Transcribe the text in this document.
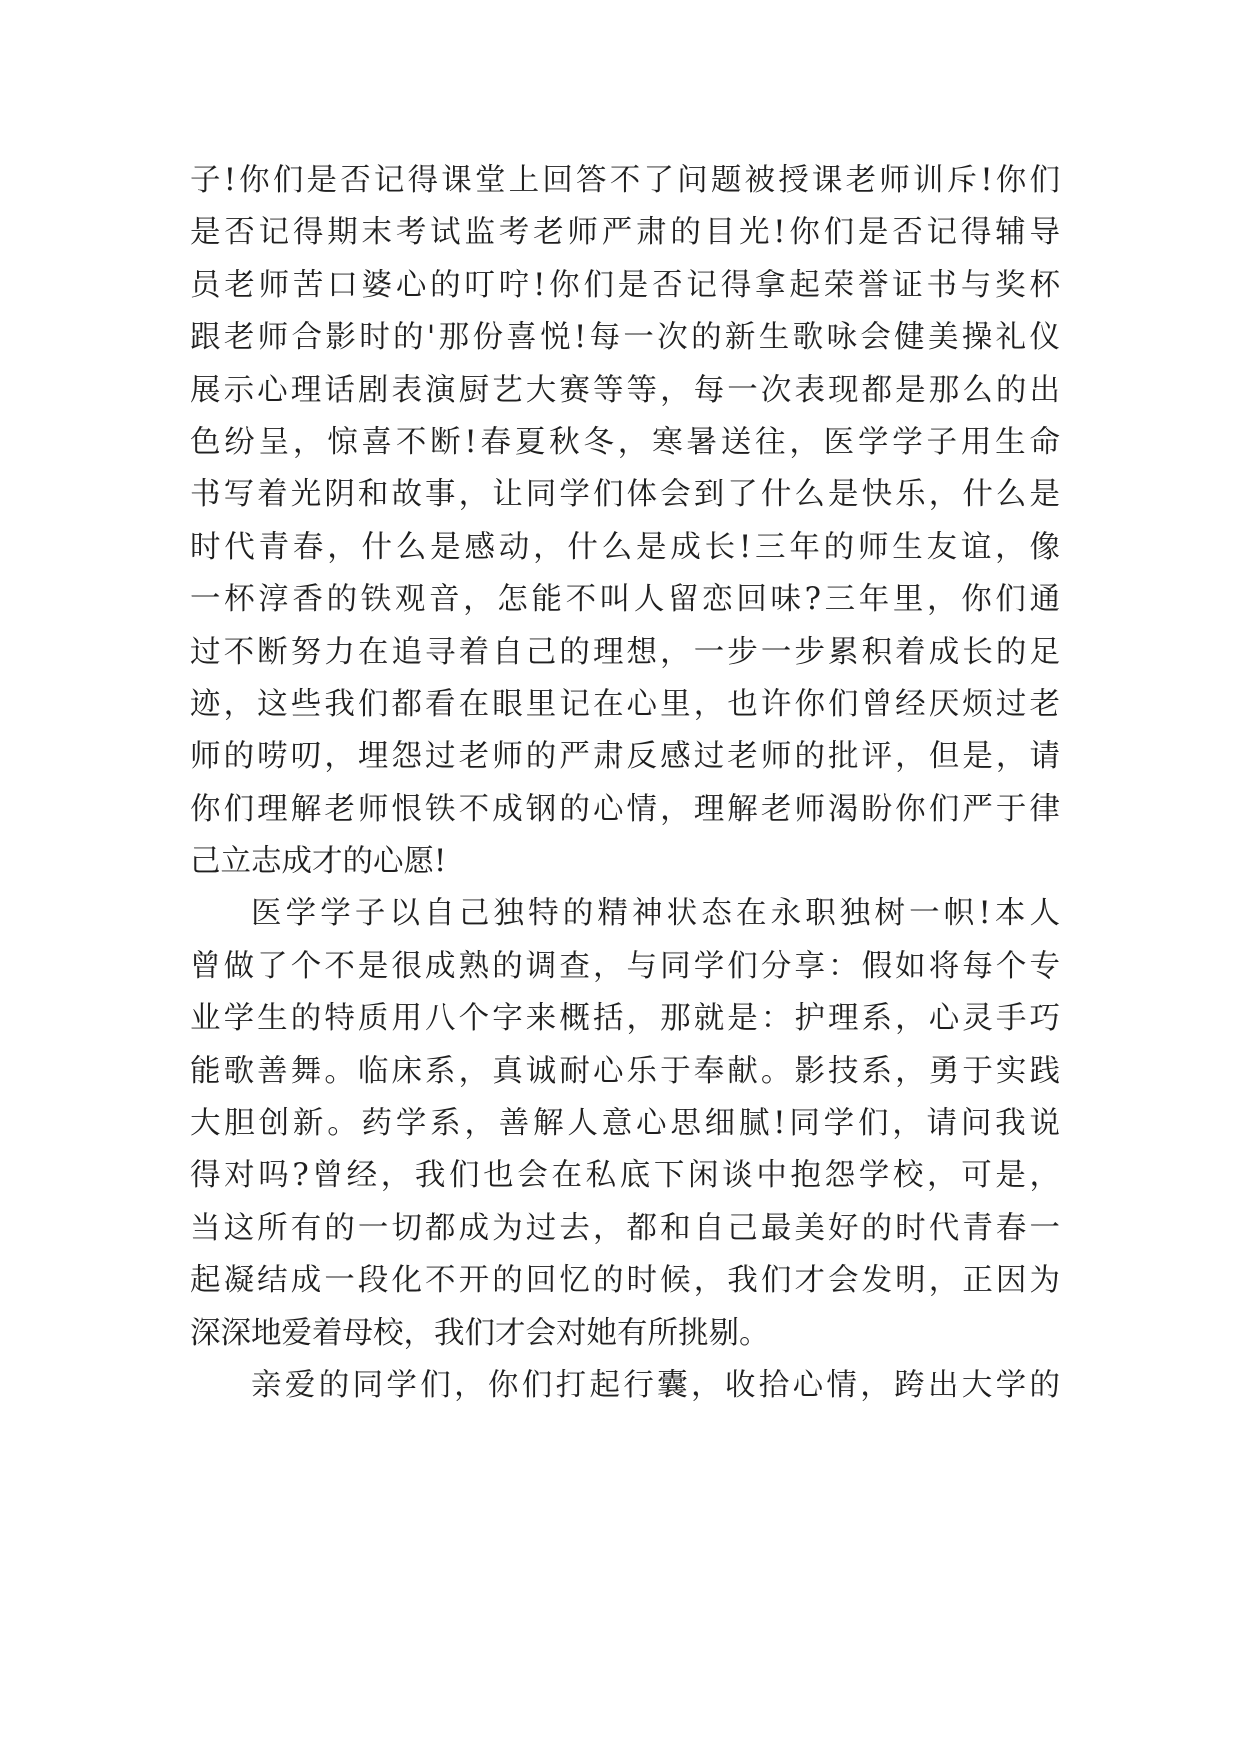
子!你们是否记得课堂上回答不了问题被授课老师训斥!你们
是否记得期末考试监考老师严肃的目光!你们是否记得辅导
员老师苦口婆心的叮咛!你们是否记得拿起荣誉证书与奖杯
跟老师合影时的'那份喜悦!每一次的新生歌咏会健美操礼仪
展示心理话剧表演厨艺大赛等等，每一次表现都是那么的出
色纷呈，惊喜不断!春夏秋冬，寒暑送往，医学学子用生命
书写着光阴和故事，让同学们体会到了什么是快乐，什么是
时代青春，什么是感动，什么是成长!三年的师生友谊，像
一杯淳香的铁观音，怎能不叫人留恋回味?三年里，你们通
过不断努力在追寻着自己的理想，一步一步累积着成长的足
迹，这些我们都看在眼里记在心里，也许你们曾经厌烦过老
师的唠叨，埋怨过老师的严肃反感过老师的批评，但是，请
你们理解老师恨铁不成钢的心情，理解老师渴盼你们严于律
己立志成才的心愿!
医学学子以自己独特的精神状态在永职独树一帜!本人
曾做了个不是很成熟的调查，与同学们分享：假如将每个专
业学生的特质用八个字来概括，那就是：护理系，心灵手巧
能歌善舞。临床系，真诚耐心乐于奉献。影技系，勇于实践
大胆创新。药学系，善解人意心思细腻!同学们，请问我说
得对吗?曾经，我们也会在私底下闲谈中抱怨学校，可是，
当这所有的一切都成为过去，都和自己最美好的时代青春一
起凝结成一段化不开的回忆的时候，我们才会发明，正因为
深深地爱着母校，我们才会对她有所挑剔。
亲爱的同学们，你们打起行囊，收拾心情，跨出大学的
